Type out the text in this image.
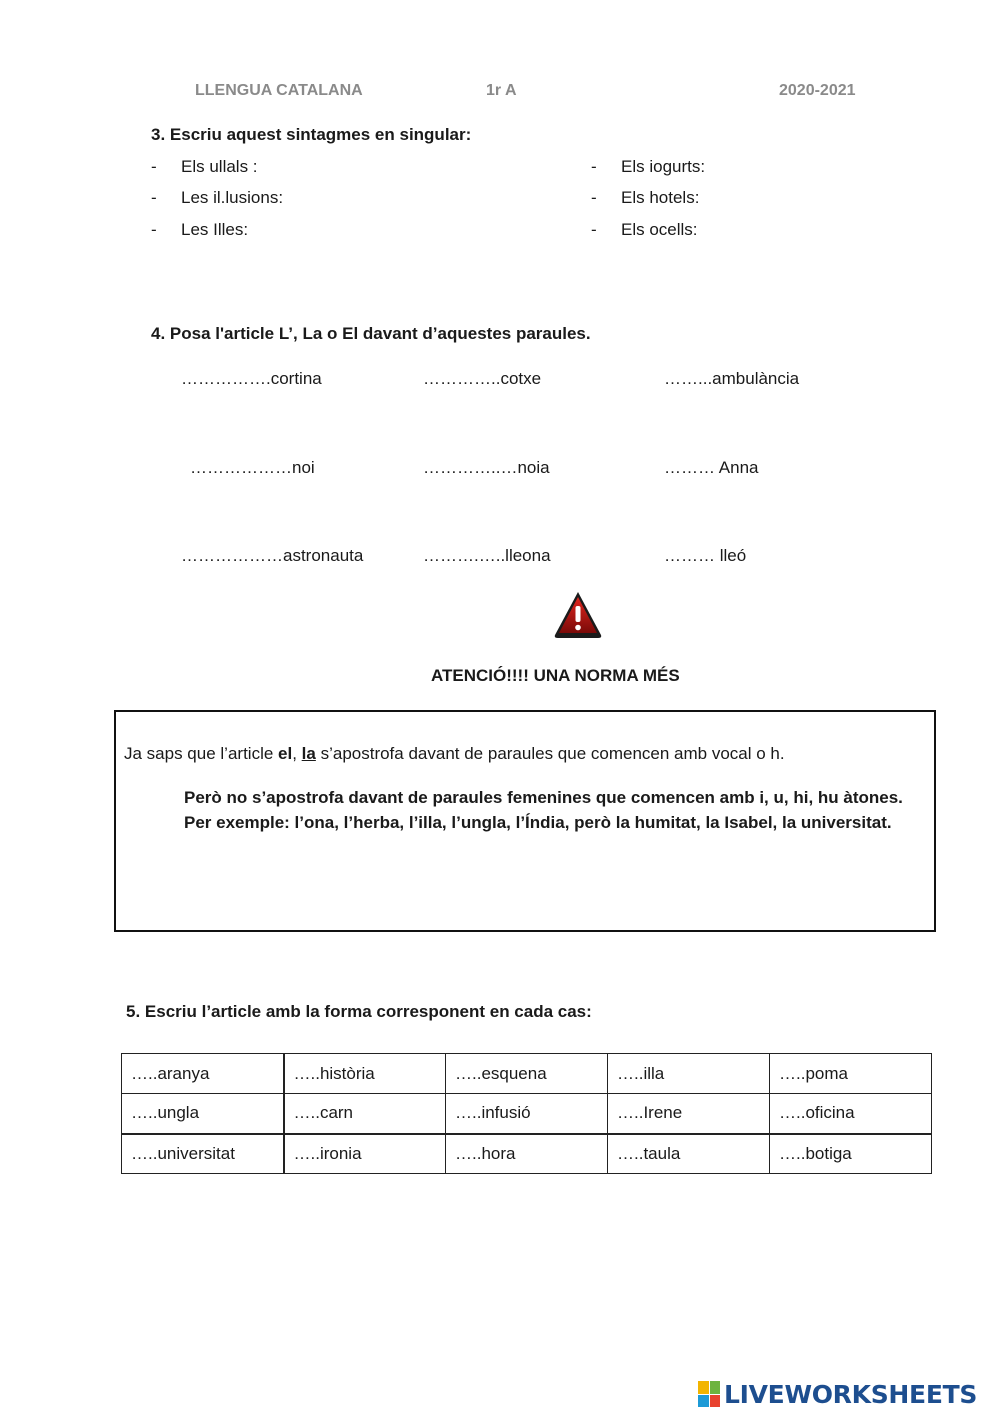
LLENGUA CATALANA	1r A	2020-2021
3. Escriu aquest sintagmes en singular:
- Els ullals :
- Les il.lusions:
- Les Illes:
- Els iogurts:
- Els hotels:
- Els ocells:
4. Posa l'article L’, La o El davant d’aquestes paraules.
…………….cortina	…………..cotxe	……...ambulància
………………noi	…………..…noia	……… Anna
………………astronauta	……….…..lleona	……… lleó
ATENCIÓ!!!! UNA NORMA MÉS
Ja saps que l’article el, la s’apostrofa davant de paraules que comencen amb vocal o h.
Però no s’apostrofa davant de paraules femenines que comencen amb i, u, hi, hu àtones. Per exemple: l’ona, l’herba, l’illa, l’ungla, l’Índia, però la humitat, la Isabel, la universitat.
5. Escriu l’article amb la forma corresponent en cada cas:
…..aranya	…..història	…..esquena	…..illa	…..poma
…..ungla	…..carn	…..infusió	…..Irene	…..oficina
…..universitat	…..ironia	…..hora	…..taula	…..botiga
LIVEWORKSHEETS
